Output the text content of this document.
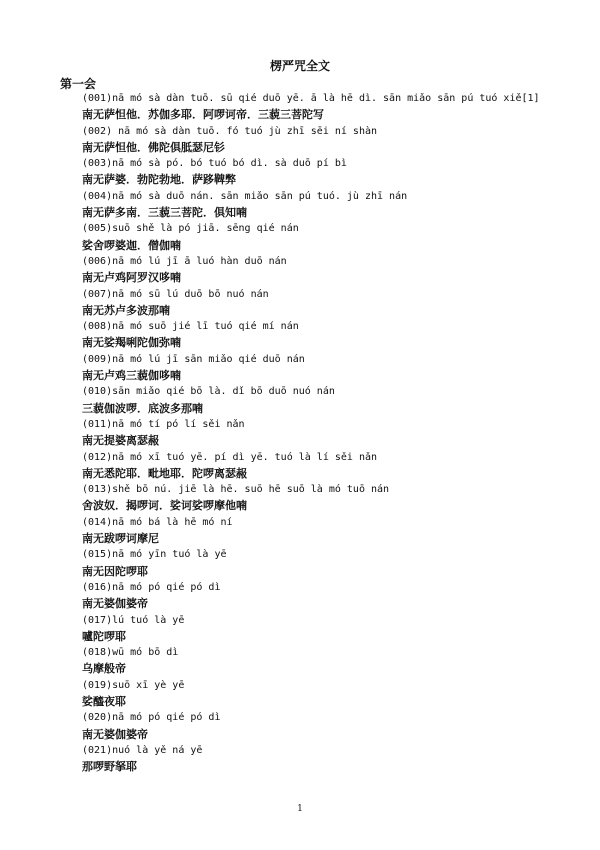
楞严咒全文
第一会
(001)nā mó sà dàn tuō. sū qié duō yē. ā là hē dì. sān miǎo sān pú tuó xiě[1]
南无萨怛他．苏伽多耶．阿啰诃帝．三藐三菩陀写
(002) nā mó sà dàn tuō. fó tuó jù zhī sēi ní shàn
南无萨怛他．佛陀俱胝瑟尼钐
(003)nā mó sà pó. bó tuó bó dì. sà duō pí bì
南无萨婆．勃陀勃地．萨跢鞞弊
(004)nā mó sà duō nán. sān miǎo sān pú tuó. jù zhī nán
南无萨多南．三藐三菩陀．俱知喃
(005)suō shě là pó jiā. sēng qié nán
娑舍啰婆迦．僧伽喃
(006)nā mó lú jī ā luó hàn duō nán
南无卢鸡阿罗汉哆喃
(007)nā mó sū lú duō bō nuó nán
南无苏卢多波那喃
(008)nā mó suō jié lī tuó qié mí nán
南无娑羯唎陀伽弥喃
(009)nā mó lú jī sān miǎo qié duō nán
南无卢鸡三藐伽哆喃
(010)sān miǎo qié bō là. dǐ bō duō nuó nán
三藐伽波啰．底波多那喃
(011)nā mó tí pó lí sěi nǎn
南无提婆离瑟赧
(012)nā mó xī tuó yē. pí dì yē. tuó là lí sěi nǎn
南无悉陀耶．毗地耶．陀啰离瑟赧
(013)shě bō nú. jiē là hē. suō hē suō là mó tuō nán
舍波奴．揭啰诃．娑诃娑啰摩他喃
(014)nā mó bá là hē mó ní
南无跋啰诃摩尼
(015)nā mó yīn tuó là yē
南无因陀啰耶
(016)nā mó pó qié pó dì
南无婆伽婆帝
(017)lú tuó là yē
嚧陀啰耶
(018)wū mó bō dì
乌摩般帝
(019)suō xī yè yē
娑醯夜耶
(020)nā mó pó qié pó dì
南无婆伽婆帝
(021)nuó là yě ná yē
那啰野拏耶
1
